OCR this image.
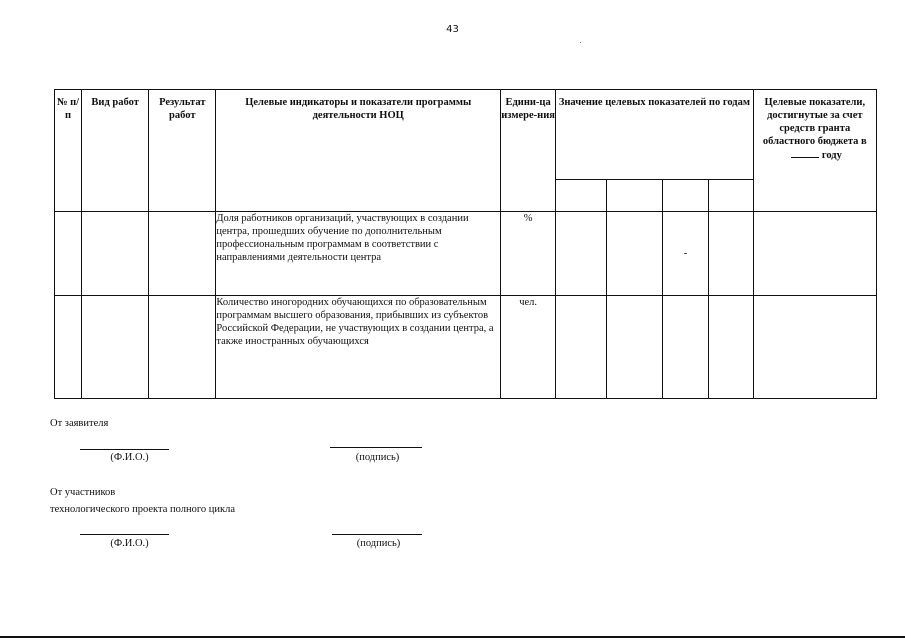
43
№ п/п	Вид работ	Результат работ	Целевые индикаторы и показатели программы деятельности НОЦ	Едини-ца измере-ния	Значение целевых показателей по годам				Целевые показатели, достигнутые за счет средств гранта областного бюджета вгоду

			Доля работников организаций, участвующих в создании центра, прошедших обучение по дополнительным профессиональным программам в соответствии с направлениями деятельности центра	%			-		
			Количество иногородних обучающихся по образовательным программам высшего образования, прибывших из субъектов Российской Федерации, не участвующих в создании центра, а также иностранных обучающихся	чел.					
От заявителя
(Ф.И.О.)	(подпись)
От участников
технологического проекта полного цикла
(Ф.И.О.)	(подпись)
